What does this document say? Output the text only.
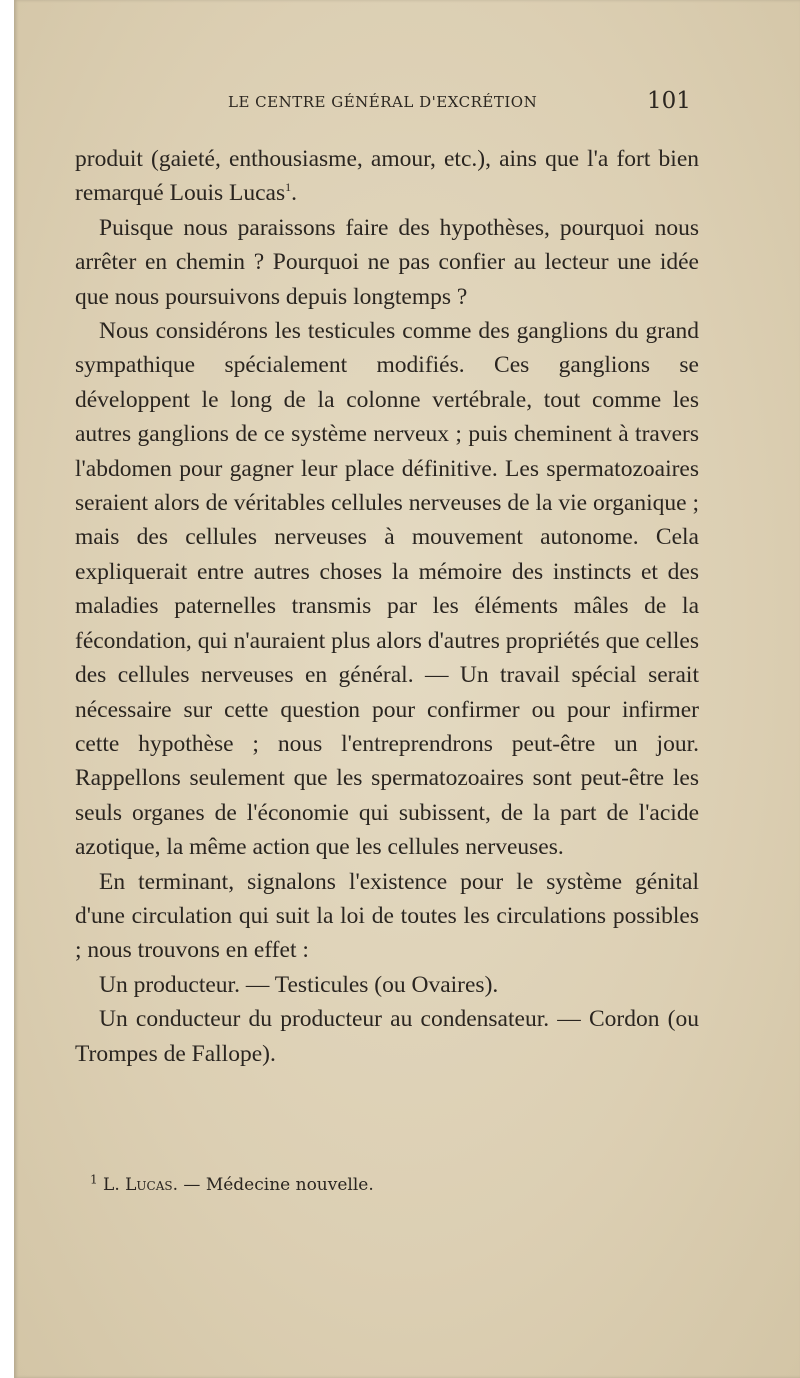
LE CENTRE GÉNÉRAL D'EXCRÉTION	101

produit (gaieté, enthousiasme, amour, etc.), ains que l'a fort bien remarqué Louis Lucas$^1$.

Puisque nous paraissons faire des hypothèses, pourquoi nous arrêter en chemin ? Pourquoi ne pas confier au lecteur une idée que nous poursuivons depuis longtemps ?

Nous considérons les testicules comme des ganglions du grand sympathique spécialement modifiés. Ces ganglions se développent le long de la colonne vertébrale, tout comme les autres ganglions de ce système nerveux ; puis cheminent à travers l'abdomen pour gagner leur place définitive. Les spermatozoaires seraient alors de véritables cellules nerveuses de la vie organique ; mais des cellules nerveuses à mouvement autonome. Cela expliquerait entre autres choses la mémoire des instincts et des maladies paternelles transmis par les éléments mâles de la fécondation, qui n'auraient plus alors d'autres propriétés que celles des cellules nerveuses en général. — Un travail spécial serait nécessaire sur cette question pour confirmer ou pour infirmer cette hypothèse ; nous l'entreprendrons peut-être un jour. Rappellons seulement que les spermatozoaires sont peut-être les seuls organes de l'économie qui subissent, de la part de l'acide azotique, la même action que les cellules nerveuses.

En terminant, signalons l'existence pour le système génital d'une circulation qui suit la loi de toutes les circulations possibles ; nous trouvons en effet :

Un producteur. — Testicules (ou Ovaires).

Un conducteur du producteur au condensateur. — Cordon (ou Trompes de Fallope).

$^1$ L. Lucas. — Médecine nouvelle.
